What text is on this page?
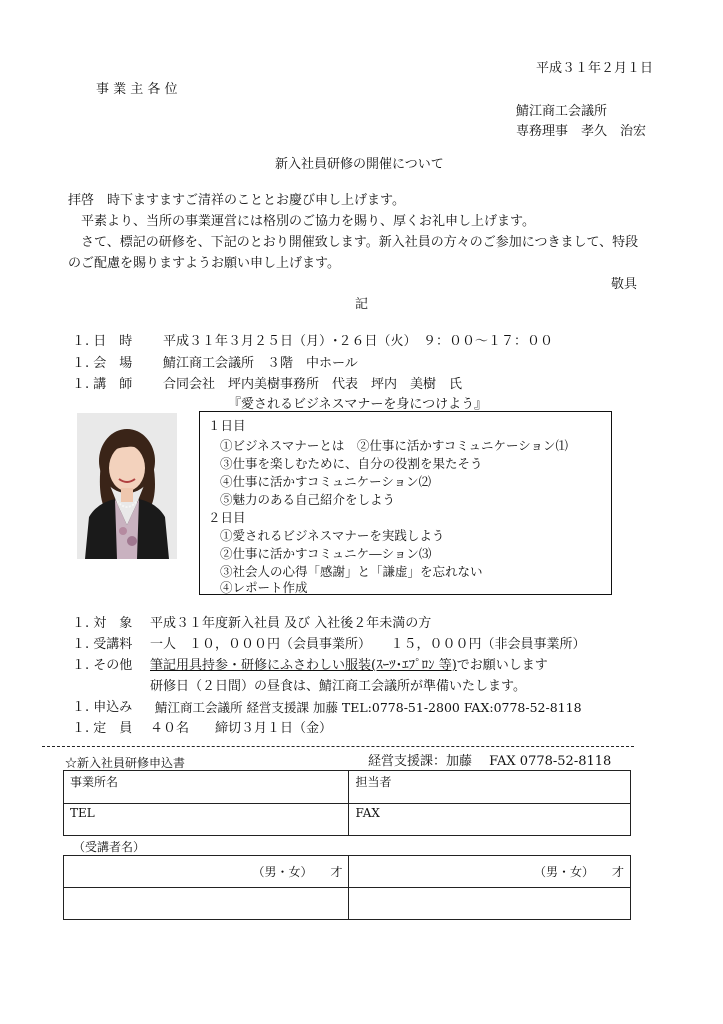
平成３１年２月１日
事 業 主 各 位
鯖江商工会議所
専務理事　孝久　治宏
新入社員研修の開催について
拝啓　時下ますますご清祥のこととお慶び申し上げます。
　平素より、当所の事業運営には格別のご協力を賜り、厚くお礼申し上げます。
　さて、標記の研修を、下記のとおり開催致します。新入社員の方々のご参加につきまして、特段のご配慮を賜りますようお願い申し上げます。
敬具
記
１. 日　時 平成３１年３月２５日（月）･２６日（火）　９：００～１７：００
１. 会　場 鯖江商工会議所　３階　中ホール
１. 講　師 合同会社　坪内美樹事務所　代表　坪内　美樹　氏
『愛されるビジネスマナーを身につけよう』
１日目
①ビジネスマナーとは　②仕事に活かすコミュニケーション⑴
③仕事を楽しむために、自分の役割を果たそう
④仕事に活かすコミュニケーション⑵
⑤魅力のある自己紹介をしよう
２日目
①愛されるビジネスマナーを実践しよう
②仕事に活かすコミュニケ―ション⑶
③社会人の心得「感謝」と「謙虚」を忘れない
④レポート作成
１. 対　象 平成３１年度新入社員 及び 入社後２年未満の方
１. 受講料 一人　１０，０００円（会員事業所）　　１５，０００円（非会員事業所）
１. その他 筆記用具持参・研修にふさわしい服装(ｽｰﾂ･ｴﾌﾟﾛﾝ 等)でお願いします
研修日（２日間）の昼食は、鯖江商工会議所が準備いたします。
１. 申込み 鯖江商工会議所 経営支援課 加藤 TEL:0778-51-2800 FAX:0778-52-8118
１. 定　員 ４０名　　締切３月１日（金）
☆新入社員研修申込書	経営支援課：加藤　 FAX 0778-52-8118
事業所名	担当者
TEL	FAX
（受講者名）
（男・女）　　才	（男・女）　　才
